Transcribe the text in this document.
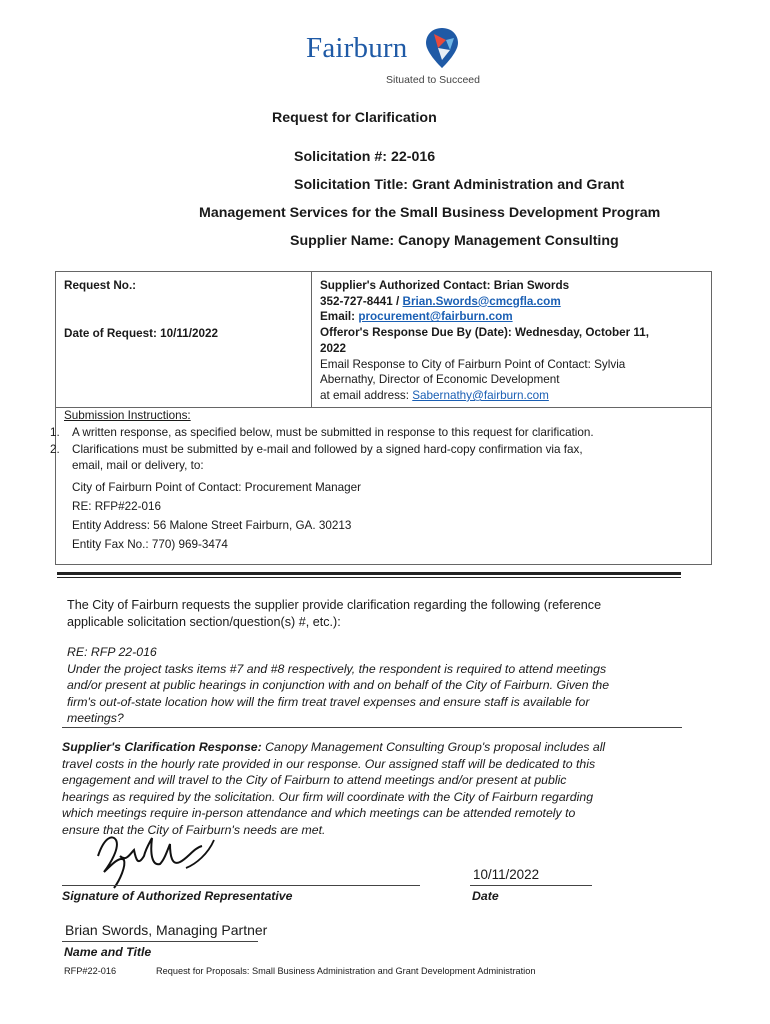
Fairburn
Situated to Succeed
Request for Clarification
Solicitation #: 22-016
Solicitation Title: Grant Administration and Grant
Management Services for the Small Business Development Program
Supplier Name: Canopy Management Consulting
Request No.:
Date of Request: 10/11/2022
Supplier's Authorized Contact: Brian Swords
352-727-8441 / Brian.Swords@cmcgfla.com
Email: procurement@fairburn.com
Offeror's Response Due By (Date): Wednesday, October 11,
2022
Email Response to City of Fairburn Point of Contact: Sylvia
Abernathy, Director of Economic Development
at email address: Sabernathy@fairburn.com
Submission Instructions:
1. A written response, as specified below, must be submitted in response to this request for clarification.
2. Clarifications must be submitted by e-mail and followed by a signed hard-copy confirmation via fax,
email, mail or delivery, to:
City of Fairburn Point of Contact: Procurement Manager
RE: RFP#22-016
Entity Address: 56 Malone Street Fairburn, GA. 30213
Entity Fax No.: 770) 969-3474
The City of Fairburn requests the supplier provide clarification regarding the following (reference
applicable solicitation section/question(s) #, etc.):
RE: RFP 22-016
Under the project tasks items #7 and #8 respectively, the respondent is required to attend meetings
and/or present at public hearings in conjunction with and on behalf of the City of Fairburn. Given the
firm's out-of-state location how will the firm treat travel expenses and ensure staff is available for
meetings?
Supplier's Clarification Response: Canopy Management Consulting Group's proposal includes all
travel costs in the hourly rate provided in our response. Our assigned staff will be dedicated to this
engagement and will travel to the City of Fairburn to attend meetings and/or present at public
hearings as required by the solicitation. Our firm will coordinate with the City of Fairburn regarding
which meetings require in-person attendance and which meetings can be attended remotely to
ensure that the City of Fairburn's needs are met.
Signature of Authorized Representative
10/11/2022
Date
Brian Swords, Managing Partner
Name and Title
RFP#22-016	Request for Proposals: Small Business Administration and Grant Development Administration
